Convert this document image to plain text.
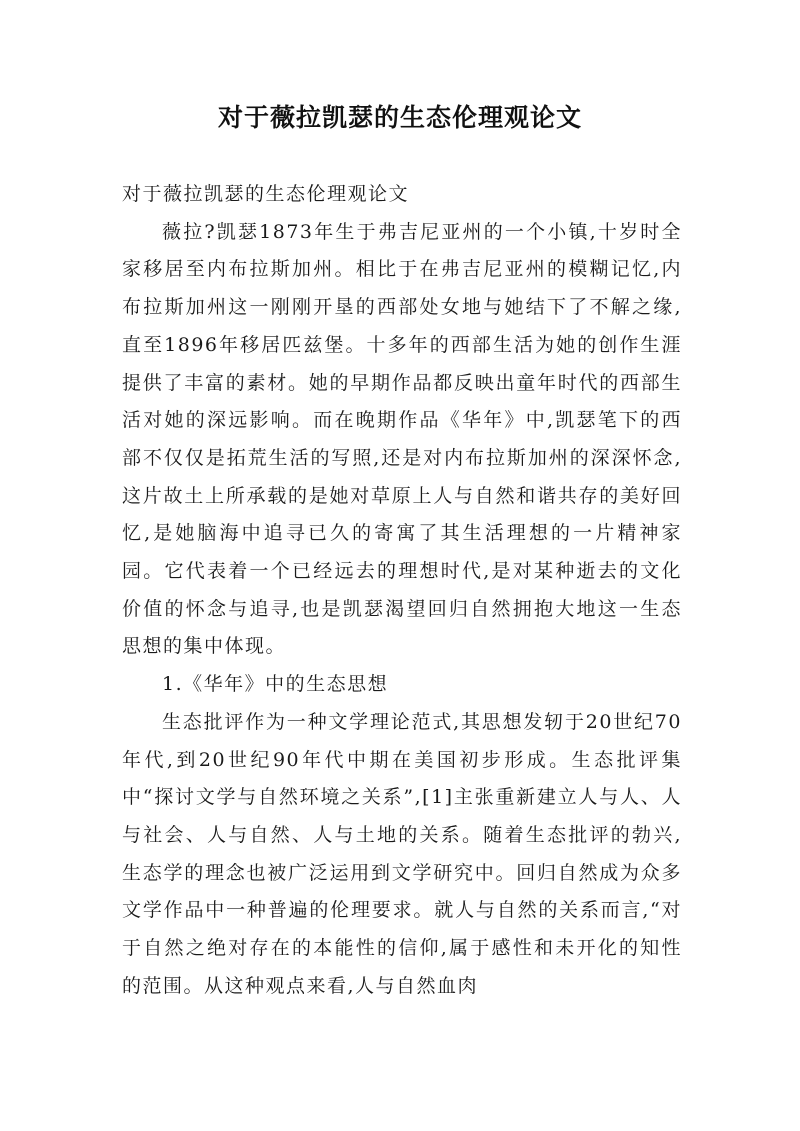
对于薇拉凯瑟的生态伦理观论文

对于薇拉凯瑟的生态伦理观论文

薇拉?凯瑟1873年生于弗吉尼亚州的一个小镇,十岁时全家移居至内布拉斯加州。相比于在弗吉尼亚州的模糊记忆,内布拉斯加州这一刚刚开垦的西部处女地与她结下了不解之缘,直至1896年移居匹兹堡。十多年的西部生活为她的创作生涯提供了丰富的素材。她的早期作品都反映出童年时代的西部生活对她的深远影响。而在晚期作品《华年》中,凯瑟笔下的西部不仅仅是拓荒生活的写照,还是对内布拉斯加州的深深怀念,这片故土上所承载的是她对草原上人与自然和谐共存的美好回忆,是她脑海中追寻已久的寄寓了其生活理想的一片精神家园。它代表着一个已经远去的理想时代,是对某种逝去的文化价值的怀念与追寻,也是凯瑟渴望回归自然拥抱大地这一生态思想的集中体现。

1.《华年》中的生态思想

生态批评作为一种文学理论范式,其思想发轫于20世纪70年代,到20世纪90年代中期在美国初步形成。生态批评集中“探讨文学与自然环境之关系”,[1]主张重新建立人与人、人与社会、人与自然、人与土地的关系。随着生态批评的勃兴,生态学的理念也被广泛运用到文学研究中。回归自然成为众多文学作品中一种普遍的伦理要求。就人与自然的关系而言,“对于自然之绝对存在的本能性的信仰,属于感性和未开化的知性的范围。从这种观点来看,人与自然血肉
